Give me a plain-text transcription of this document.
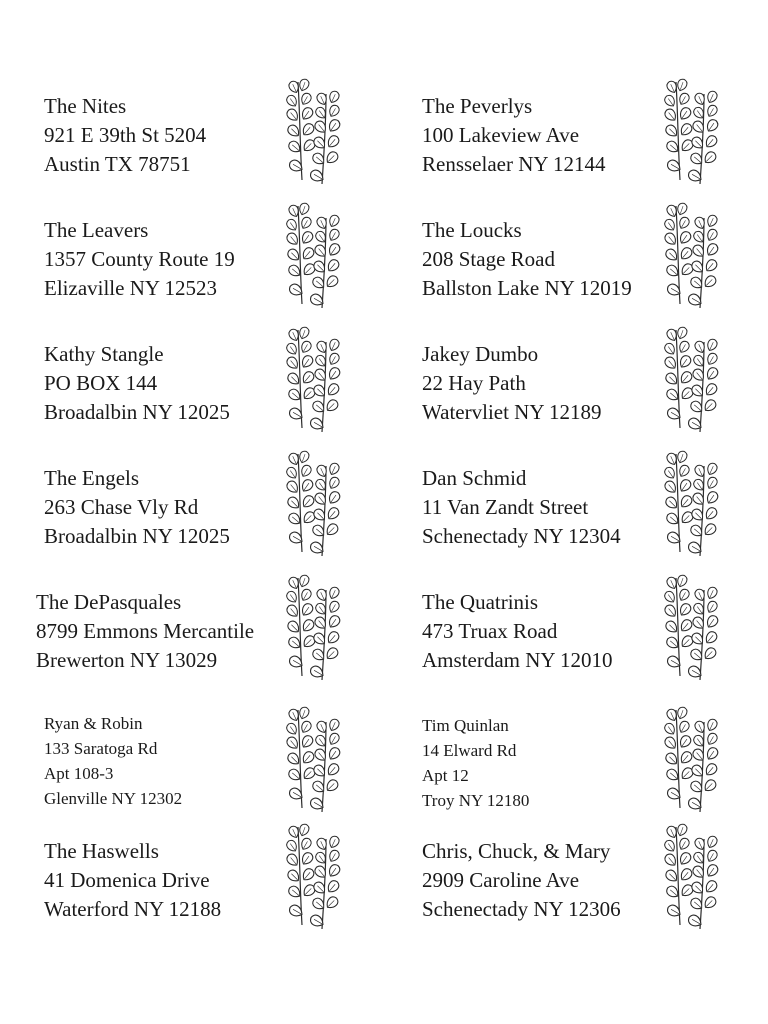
The Nites
921 E 39th St 5204
Austin TX 78751
The Peverlys
100 Lakeview Ave
Rensselaer NY 12144
The Leavers
1357 County Route 19
Elizaville NY 12523
The Loucks
208 Stage Road
Ballston Lake NY 12019
Kathy Stangle
PO BOX 144
Broadalbin NY 12025
Jakey Dumbo
22 Hay Path
Watervliet NY 12189
The Engels
263 Chase Vly Rd
Broadalbin NY 12025
Dan Schmid
11 Van Zandt Street
Schenectady NY 12304
The DePasquales
8799 Emmons Mercantile
Brewerton NY 13029
The Quatrinis
473 Truax Road
Amsterdam NY 12010
Ryan & Robin
133 Saratoga Rd
Apt 108-3
Glenville NY 12302
Tim Quinlan
14 Elward Rd
Apt 12
Troy NY 12180
The Haswells
41 Domenica Drive
Waterford NY 12188
Chris, Chuck, & Mary
2909 Caroline Ave
Schenectady NY 12306
